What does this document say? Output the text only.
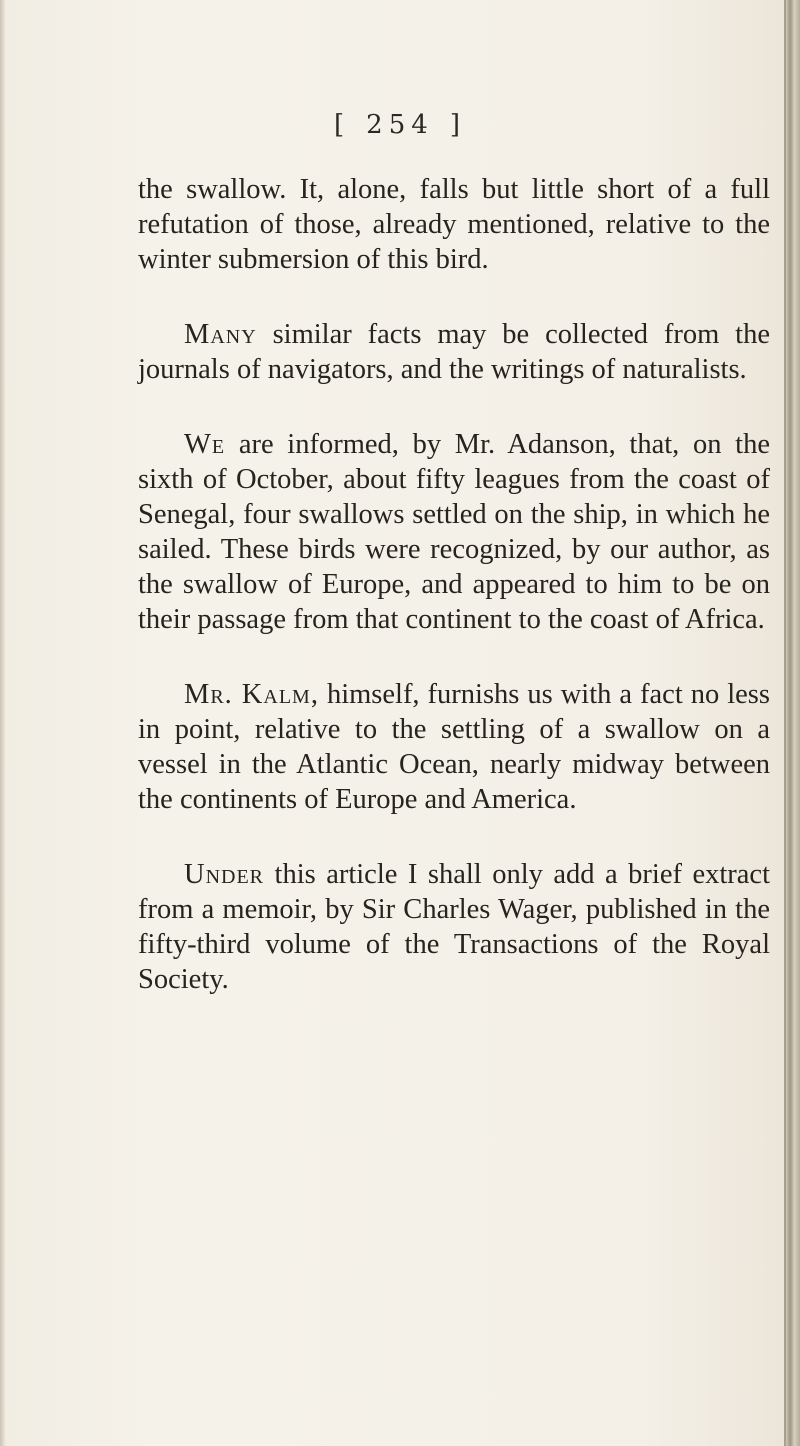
[ 254 ]

the swallow. It, alone, falls but little short of a full refutation of those, already mentioned, relative to the winter submersion of this bird.

Many similar facts may be collected from the journals of navigators, and the writings of naturalists.

We are informed, by Mr. Adanson, that, on the sixth of October, about fifty leagues from the coast of Senegal, four swallows settled on the ship, in which he sailed. These birds were recognized, by our author, as the swallow of Europe, and appeared to him to be on their passage from that continent to the coast of Africa.

Mr. Kalm, himself, furnishs us with a fact no less in point, relative to the settling of a swallow on a vessel in the Atlantic Ocean, nearly midway between the continents of Europe and America.

Under this article I shall only add a brief extract from a memoir, by Sir Charles Wager, published in the fifty-third volume of the Transactions of the Royal Society.
